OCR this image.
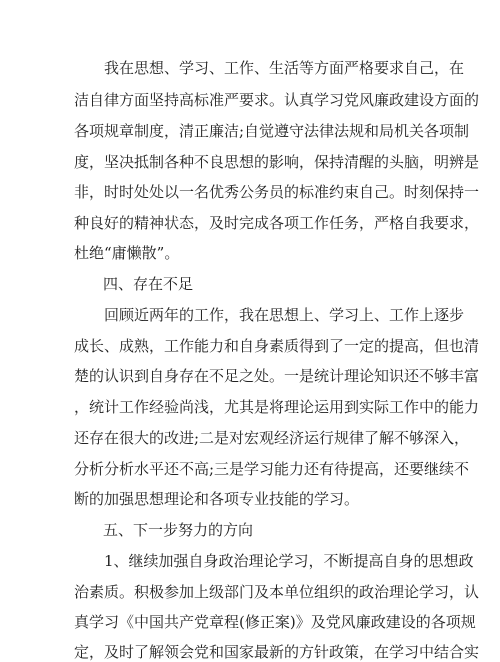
我在思想、学习、工作、生活等方面严格要求自己，在
洁自律方面坚持高标准严要求。认真学习党风廉政建设方面的
各项规章制度，清正廉洁;自觉遵守法律法规和局机关各项制
度，坚决抵制各种不良思想的影响，保持清醒的头脑，明辨是
非，时时处处以一名优秀公务员的标准约束自己。时刻保持一
种良好的精神状态，及时完成各项工作任务，严格自我要求，
杜绝“庸懒散”。
四、存在不足
回顾近两年的工作，我在思想上、学习上、工作上逐步
成长、成熟，工作能力和自身素质得到了一定的提高，但也清
楚的认识到自身存在不足之处。一是统计理论知识还不够丰富
，统计工作经验尚浅，尤其是将理论运用到实际工作中的能力
还存在很大的改进;二是对宏观经济运行规律了解不够深入，
分析分析水平还不高;三是学习能力还有待提高，还要继续不
断的加强思想理论和各项专业技能的学习。
五、下一步努力的方向
1、继续加强自身政治理论学习，不断提高自身的思想政
治素质。积极参加上级部门及本单位组织的政治理论学习，认
真学习《中国共产党章程(修正案)》及党风廉政建设的各项规
定，及时了解领会党和国家最新的方针政策，在学习中结合实
